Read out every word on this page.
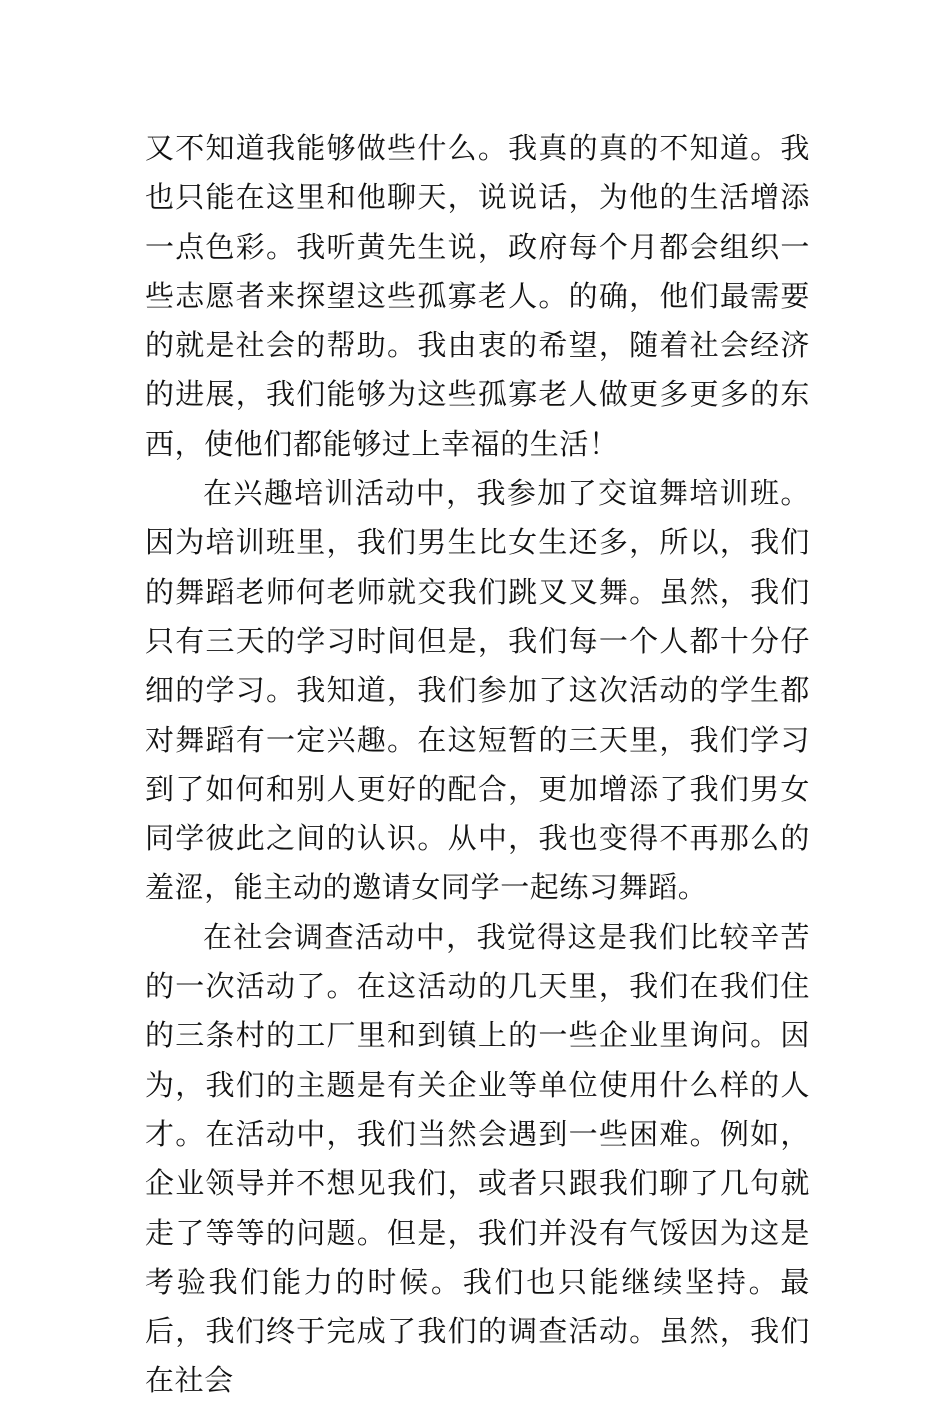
又不知道我能够做些什么。我真的真的不知道。我也只能在这里和他聊天，说说话，为他的生活增添一点色彩。我听黄先生说，政府每个月都会组织一些志愿者来探望这些孤寡老人。的确，他们最需要的就是社会的帮助。我由衷的希望，随着社会经济的进展，我们能够为这些孤寡老人做更多更多的东西，使他们都能够过上幸福的生活！

在兴趣培训活动中，我参加了交谊舞培训班。因为培训班里，我们男生比女生还多，所以，我们的舞蹈老师何老师就交我们跳叉叉舞。虽然，我们只有三天的学习时间但是，我们每一个人都十分仔细的学习。我知道，我们参加了这次活动的学生都对舞蹈有一定兴趣。在这短暂的三天里，我们学习到了如何和别人更好的配合，更加增添了我们男女同学彼此之间的认识。从中，我也变得不再那么的羞涩，能主动的邀请女同学一起练习舞蹈。

在社会调查活动中，我觉得这是我们比较辛苦的一次活动了。在这活动的几天里，我们在我们住的三条村的工厂里和到镇上的一些企业里询问。因为，我们的主题是有关企业等单位使用什么样的人才。在活动中，我们当然会遇到一些困难。例如，企业领导并不想见我们，或者只跟我们聊了几句就走了等等的问题。但是，我们并没有气馁因为这是考验我们能力的时候。我们也只能继续坚持。最后，我们终于完成了我们的调查活动。虽然，我们在社会
